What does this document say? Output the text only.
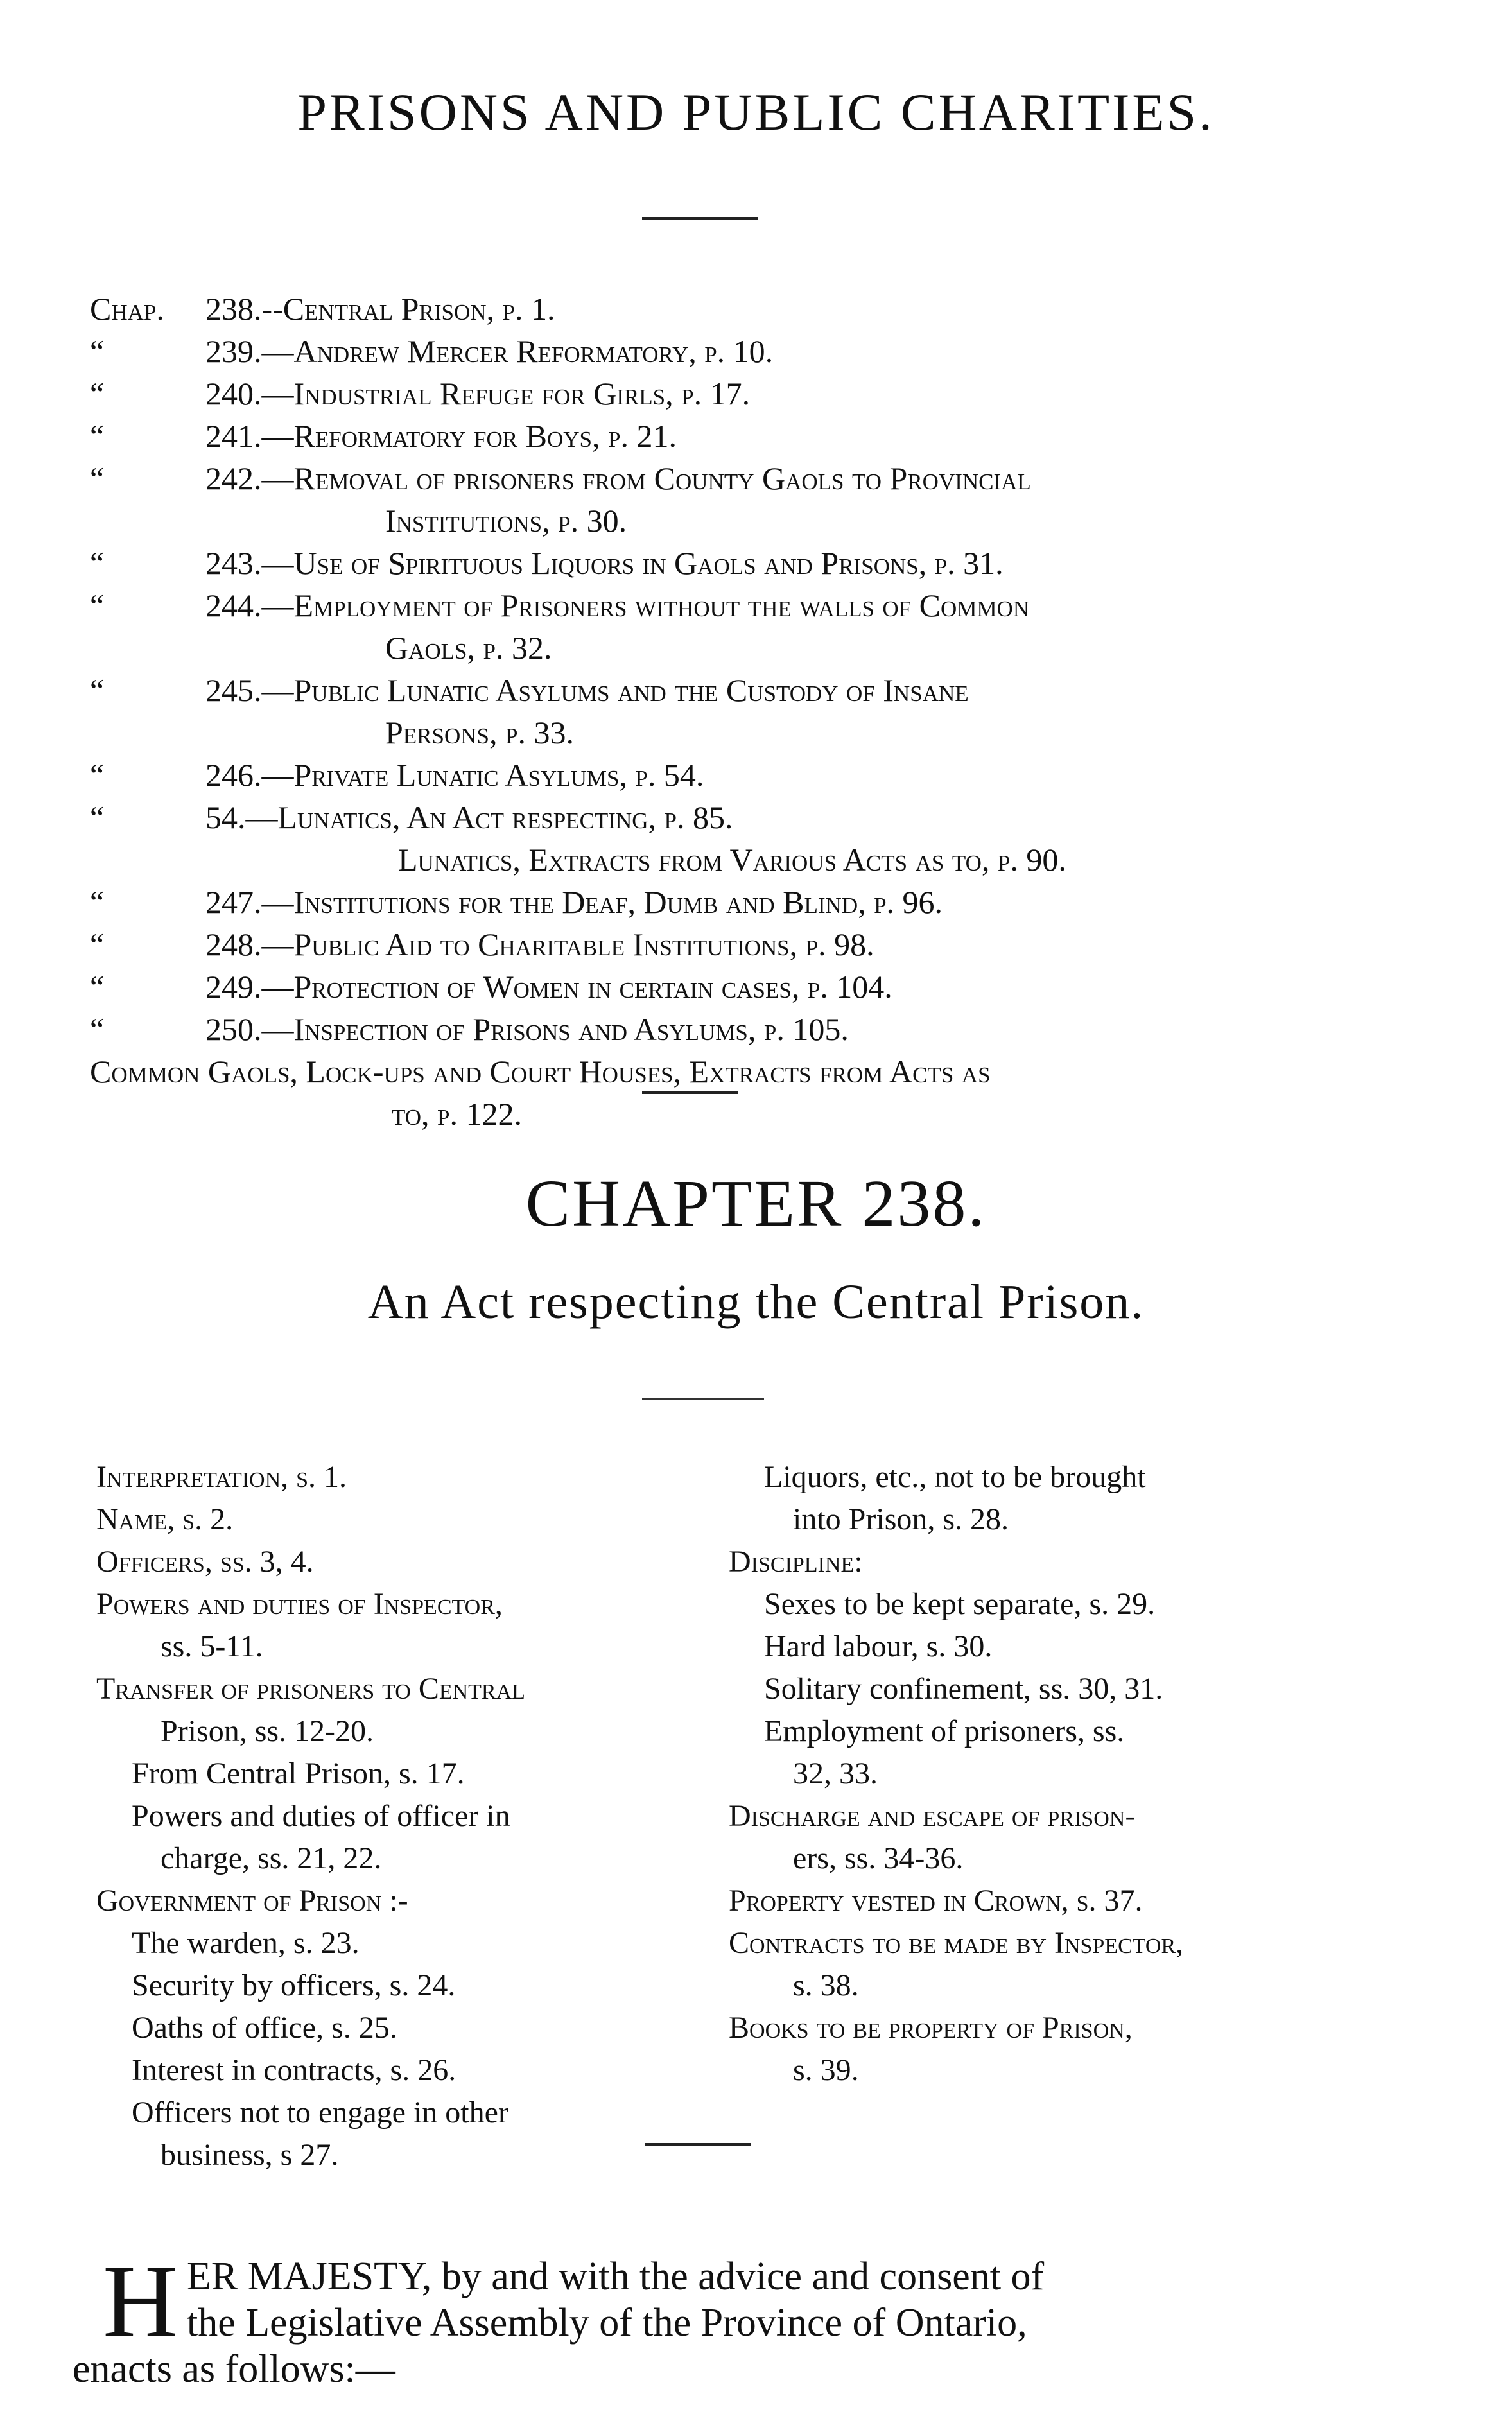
PRISONS AND PUBLIC CHARITIES.
Chap.	238.--Central Prison, p. 1.
“	239.—Andrew Mercer Reformatory, p. 10.
“	240.—Industrial Refuge for Girls, p. 17.
“	241.—Reformatory for Boys, p. 21.
“	242.—Removal of prisoners from County Gaols to Provincial
Institutions, p. 30.
“	243.—Use of Spirituous Liquors in Gaols and Prisons, p. 31.
“	244.—Employment of Prisoners without the walls of Common
Gaols, p. 32.
“	245.—Public Lunatic Asylums and the Custody of Insane
Persons, p. 33.
“	246.—Private Lunatic Asylums, p. 54.
“	54.—Lunatics, An Act respecting, p. 85.
Lunatics, Extracts from Various Acts as to, p. 90.
“	247.—Institutions for the Deaf, Dumb and Blind, p. 96.
“	248.—Public Aid to Charitable Institutions, p. 98.
“	249.—Protection of Women in certain cases, p. 104.
“	250.—Inspection of Prisons and Asylums, p. 105.
Common Gaols, Lock-ups and Court Houses, Extracts from Acts as
to, p. 122.
CHAPTER 238.
An Act respecting the Central Prison.
Interpretation, s. 1.
Name, s. 2.
Officers, ss. 3, 4.
Powers and duties of Inspector,
ss. 5-11.
Transfer of prisoners to Central
Prison, ss. 12-20.
From Central Prison, s. 17.
Powers and duties of officer in
charge, ss. 21, 22.
Government of Prison :-
The warden, s. 23.
Security by officers, s. 24.
Oaths of office, s. 25.
Interest in contracts, s. 26.
Officers not to engage in other
business, s 27.
Liquors, etc., not to be brought
into Prison, s. 28.
Discipline:
Sexes to be kept separate, s. 29.
Hard labour, s. 30.
Solitary confinement, ss. 30, 31.
Employment of prisoners, ss.
32, 33.
Discharge and escape of prison-
ers, ss. 34-36.
Property vested in Crown, s. 37.
Contracts to be made by Inspector,
s. 38.
Books to be property of Prison,
s. 39.
H ER MAJESTY, by and with the advice and consent of
the Legislative Assembly of the Province of Ontario,
enacts as follows:—
